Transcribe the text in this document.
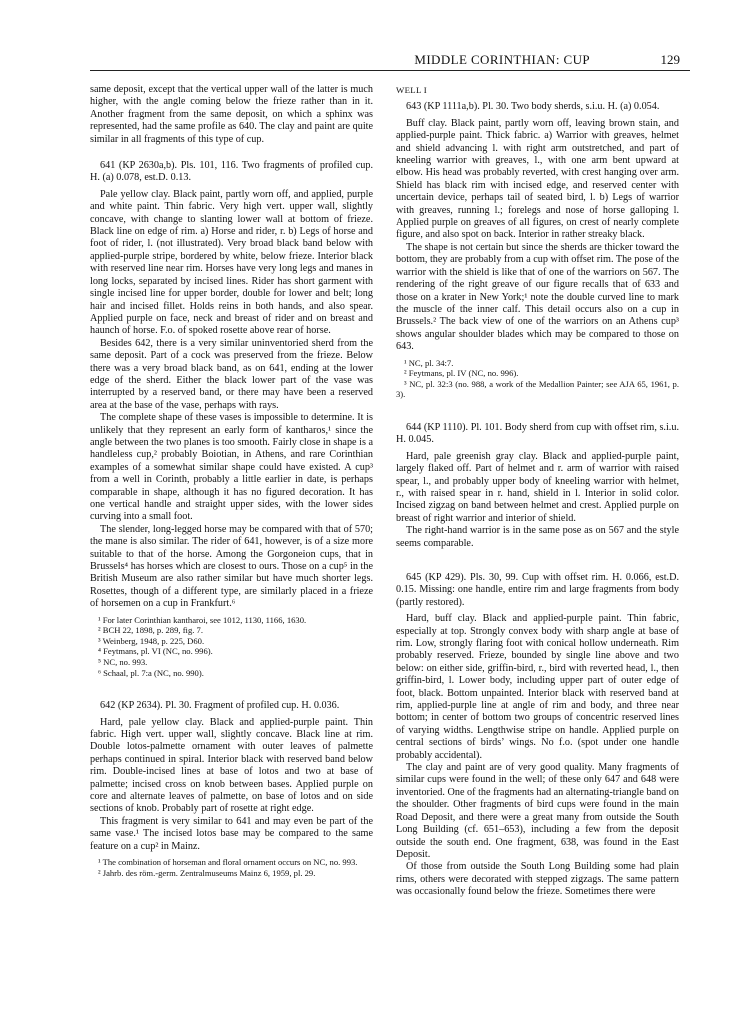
MIDDLE CORINTHIAN: CUP	129

same deposit, except that the vertical upper wall of the latter is much higher, with the angle coming below the frieze rather than in it. Another fragment from the same deposit, on which a sphinx was represented, had the same profile as 640. The clay and paint are quite similar in all fragments of this type of cup.

641 (KP 2630a,b). Pls. 101, 116. Two fragments of profiled cup. H. (a) 0.078, est.D. 0.13.

Pale yellow clay. Black paint, partly worn off, and applied, purple and white paint. Thin fabric. Very high vert. upper wall, slightly concave, with change to slanting lower wall at bottom of frieze. Black line on edge of rim. a) Horse and rider, r. b) Legs of horse and foot of rider, l. (not illustrated). Very broad black band below with applied-purple stripe, bordered by white, below frieze. Interior black with reserved line near rim. Horses have very long legs and manes in long locks, separated by incised lines. Rider has short garment with single incised line for upper border, double for lower and belt; long hair and incised fillet. Holds reins in both hands, and also spear. Applied purple on face, neck and breast of rider and on breast and haunch of horse. F.o. of spoked rosette above rear of horse.

Besides 642, there is a very similar uninventoried sherd from the same deposit. Part of a cock was preserved from the frieze. Below there was a very broad black band, as on 641, ending at the lower edge of the sherd. Either the black lower part of the vase was interrupted by a reserved band, or there may have been a reserved area at the base of the vase, perhaps with rays.

The complete shape of these vases is impossible to determine. It is unlikely that they represent an early form of kantharos,¹ since the angle between the two planes is too smooth. Fairly close in shape is a handleless cup,² probably Boiotian, in Athens, and rare Corinthian examples of a somewhat similar shape could have existed. A cup³ from a well in Corinth, probably a little earlier in date, is perhaps comparable in shape, although it has no figured decoration. It has one vertical handle and straight upper sides, with the lower sides curving into a small foot.

The slender, long-legged horse may be compared with that of 570; the mane is also similar. The rider of 641, however, is of a size more suitable to that of the horse. Among the Gorgoneion cups, that in Brussels⁴ has horses which are closest to ours. Those on a cup⁵ in the British Museum are also rather similar but have much shorter legs. Rosettes, though of a different type, are similarly placed in a frieze of horsemen on a cup in Frankfurt.⁶

¹ For later Corinthian kantharoi, see 1012, 1130, 1166, 1630.

² BCH 22, 1898, p. 289, fig. 7.

³ Weinberg, 1948, p. 225, D60.

⁴ Feytmans, pl. VI (NC, no. 996).

⁵ NC, no. 993.

⁶ Schaal, pl. 7:a (NC, no. 990).

642 (KP 2634). Pl. 30. Fragment of profiled cup. H. 0.036.

Hard, pale yellow clay. Black and applied-purple paint. Thin fabric. High vert. upper wall, slightly concave. Black line at rim. Double lotos-palmette ornament with outer leaves of palmette perhaps continued in spiral. Interior black with reserved band below rim. Double-incised lines at base of lotos and two at base of palmette; incised cross on knob between bases. Applied purple on core and alternate leaves of palmette, on base of lotos and on side sections of knob. Probably part of rosette at right edge.

This fragment is very similar to 641 and may even be part of the same vase.¹ The incised lotos base may be compared to the same feature on a cup² in Mainz.

¹ The combination of horseman and floral ornament occurs on NC, no. 993.

² Jahrb. des röm.-germ. Zentralmuseums Mainz 6, 1959, pl. 29.

WELL I

643 (KP 1111a,b). Pl. 30. Two body sherds, s.i.u. H. (a) 0.054.

Buff clay. Black paint, partly worn off, leaving brown stain, and applied-purple paint. Thick fabric. a) Warrior with greaves, helmet and shield advancing l. with right arm outstretched, and part of kneeling warrior with greaves, l., with one arm bent upward at elbow. His head was probably reverted, with crest hanging over arm. Shield has black rim with incised edge, and reserved center with uncertain device, perhaps tail of seated bird, l. b) Legs of warrior with greaves, running l.; forelegs and nose of horse galloping l. Applied purple on greaves of all figures, on crest of nearly complete figure, and also spot on back. Interior in rather streaky black.

The shape is not certain but since the sherds are thicker toward the bottom, they are probably from a cup with offset rim. The pose of the warrior with the shield is like that of one of the warriors on 567. The rendering of the right greave of our figure recalls that of 633 and those on a krater in New York;¹ note the double curved line to mark the muscle of the inner calf. This detail occurs also on a cup in Brussels.² The back view of one of the warriors on an Athens cup³ shows angular shoulder blades which may be compared to those on 643.

¹ NC, pl. 34:7.

² Feytmans, pl. IV (NC, no. 996).

³ NC, pl. 32:3 (no. 988, a work of the Medallion Painter; see AJA 65, 1961, p. 3).

644 (KP 1110). Pl. 101. Body sherd from cup with offset rim, s.i.u. H. 0.045.

Hard, pale greenish gray clay. Black and applied-purple paint, largely flaked off. Part of helmet and r. arm of warrior with raised spear, l., and probably upper body of kneeling warrior with helmet, r., with raised spear in r. hand, shield in l. Interior in solid color. Incised zigzag on band between helmet and crest. Applied purple on breast of right warrior and interior of shield.

The right-hand warrior is in the same pose as on 567 and the style seems comparable.

645 (KP 429). Pls. 30, 99. Cup with offset rim. H. 0.066, est.D. 0.15. Missing: one handle, entire rim and large fragments from body (partly restored).

Hard, buff clay. Black and applied-purple paint. Thin fabric, especially at top. Strongly convex body with sharp angle at base of rim. Low, strongly flaring foot with conical hollow underneath. Rim probably reserved. Frieze, bounded by single line above and two below: on either side, griffin-bird, r., bird with reverted head, l., then griffin-bird, l. Lower body, including upper part of outer edge of foot, black. Bottom unpainted. Interior black with reserved band at rim, applied-purple line at angle of rim and body, and three near bottom; in center of bottom two groups of concentric reserved lines of varying widths. Lengthwise stripe on handle. Applied purple on central sections of birds’ wings. No f.o. (spot under one handle probably accidental).

The clay and paint are of very good quality. Many fragments of similar cups were found in the well; of these only 647 and 648 were inventoried. One of the fragments had an alternating-triangle band on the shoulder. Other fragments of bird cups were found in the main Road Deposit, and there were a great many from outside the South Long Building (cf. 651–653), including a few from the deposit outside the south end. One fragment, 638, was found in the East Deposit.

Of those from outside the South Long Building some had plain rims, others were decorated with stepped zigzags. The same pattern was occasionally found below the frieze. Sometimes there were
